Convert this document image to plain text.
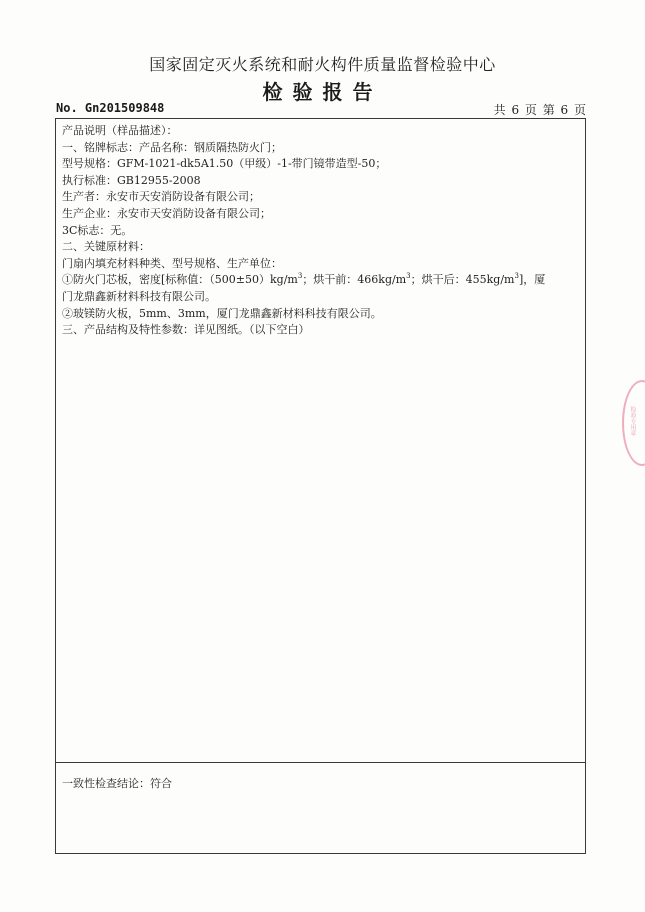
国家固定灭火系统和耐火构件质量监督检验中心
检验报告
No. Gn201509848	共 6 页 第 6 页
产品说明（样品描述）：
一、铭牌标志：产品名称：钢质隔热防火门；
型号规格：GFM-1021-dk5A1.50（甲级）-1-带门镜带造型-50；
执行标准：GB12955-2008
生产者：永安市天安消防设备有限公司；
生产企业：永安市天安消防设备有限公司；
3C标志：无。
二、关键原材料：
门扇内填充材料种类、型号规格、生产单位：
①防火门芯板，密度[标称值：$(500\pm 50)kg/m^3$；烘干前：$466kg/m^3$；烘干后：$455kg/m^3$]，厦
门龙鼎鑫新材料科技有限公司。
②玻镁防火板，5mm、3mm，厦门龙鼎鑫新材料科技有限公司。
三、产品结构及特性参数：详见图纸。（以下空白）
一致性检查结论：符合
检验专用章
